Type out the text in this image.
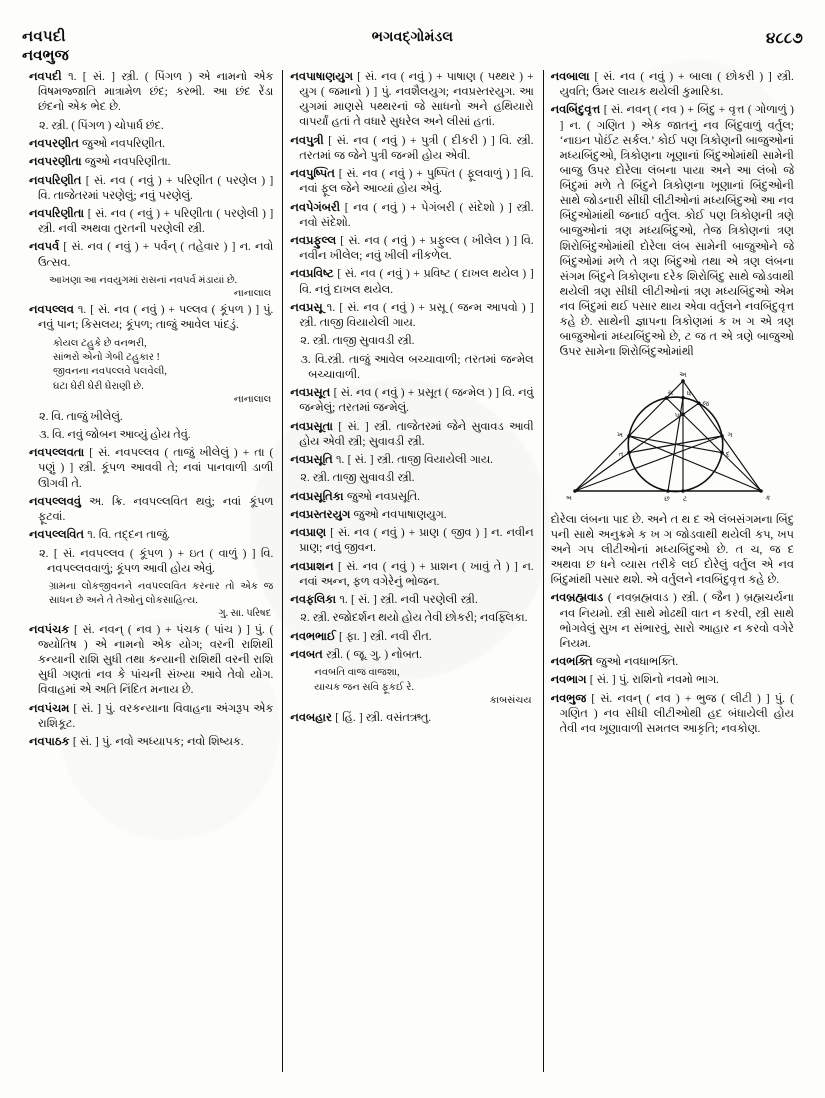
નવપદી
નવભુજ
ભગવદ્ગોમંડલ	૪૮૮૭

નવપદી ૧. [ સં. ] સ્ત્રી. ( પિંગળ ) એ નામનો એક વિષમજ્જાતિ માત્રામેળ છંદ; કરભી. આ છંદ રેંડા છંદનો એક ભેદ છે.

૨. સ્ત્રી. ( પિંગળ ) ચોપાર્ધ છંદ.

નવપરણીત જુઓ નવપરિણીત.

નવપરણીતા જુઓ નવપરિણીતા.

નવપરિણીત [ સં. નવ ( નવું ) + પરિણીત ( પરણેલ ) ] વિ. તાજેતરમાં પરણેલું; નવું પરણેલું.

નવપરિણીતા [ સં. નવ ( નવું ) + પરિણીતા ( પરણેલી ) ] સ્ત્રી. નવી અથવા તુરતની પરણેલી સ્ત્રી.

નવપર્વ [ સં. નવ ( નવું ) + પર્વન્ ( તહેવાર ) ] ન. નવો ઉત્સવ.

આખણા આ નવયુગમાં રાસનાં નવપર્વ મંડાયાં છે.
નાનાલાલ

નવપલ્લવ ૧. [ સં. નવ ( નવું ) + પલ્લવ ( કૂંપળ ) ] પું. નવું પાન; કિસલય; કૂંપળ; તાજું આવેલ પાંદડું.

કોયલ ટહુકે છે વનભરી,
સાંભરો એનો ગેબી ટહુકાર !
જીવનના નવપલ્લવે પલવેલી,
ઘટા ઘેરી ઘેરી ઘેરાણી છે.
નાનાલાલ

૨. વિ. તાજું ખીલેલું.

૩. વિ. નવું જોબન આવ્યું હોય તેવું.

નવપલ્લવતા [ સં. નવપલ્લવ ( તાજું ખીલેલું ) + તા ( પણું ) ] સ્ત્રી. કૂંપળ આવવી તે; નવાં પાનવાળી ડાળી ઊગવી તે.

નવપલ્લવવું અ. ક્રિ. નવપલ્લવિત થવું; નવાં કૂંપળ ફૂટવાં.

નવપલ્લવિત ૧. વિ. તદ્દન તાજું.

૨. [ સં. નવપલ્લવ ( કૂંપળ ) + ઇત ( વાળું ) ] વિ. નવપલ્લવવાળું; કૂંપળ આવી હોય એવું.

ગ્રામના લોકજીવનને નવપલ્લવિત કરનાર તો એક જ સાધન છે અને તે તેઓનું લોકસાહિત્ય.
ગુ. સા. પરિષદ

નવપંચક [ સં. નવન્ ( નવ ) + પંચક ( પાંચ ) ] પું. ( જ્યોતિષ ) એ નામનો એક યોગ; વરની રાશિથી કન્યાની રાશિ સુધી તથા કન્યાની રાશિથી વરની રાશિ સુધી ગણતાં નવ કે પાંચની સંખ્યા આવે તેવો યોગ. વિવાહમાં એ અતિ નિંદિત મનાય છે.

નવપંચમ [ સં. ] પું. વરકન્યાના વિવાહના અંગરૂપ એક રાશિકૂટ.

નવપાઠક [ સં. ] પું. નવો અધ્યાપક; નવો શિષ્યક.

નવપાષાણયુગ [ સં. નવ ( નવું ) + પાષાણ ( પથ્થર ) + યુગ ( જમાનો ) ] પું. નવશૈલયુગ; નવપ્રસ્તરયુગ. આ યુગમાં માણસે પથ્થરનાં જે સાધનો અને હથિયારો વાપર્યાં હતાં તે વધારે સુધરેલ અને લીસાં હતાં.

નવપુત્રી [ સં. નવ ( નવું ) + પુત્રી ( દીકરી ) ] વિ. સ્ત્રી. તરતમાં જ જેને પુત્રી જન્મી હોય એવી.

નવપુષ્પિત [ સં. નવ ( નવું ) + પુષ્પિત ( ફૂલવાળું ) ] વિ. નવાં ફૂલ જેને આવ્યાં હોય એવું.

નવપેગંબરી [ નવ ( નવું ) + પેગંબરી ( સંદેશો ) ] સ્ત્રી. નવો સંદેશો.

નવપ્રફુલ્લ [ સં. નવ ( નવું ) + પ્રફુલ્લ ( ખીલેલ ) ] વિ. નવીન ખીલેલ; નવું ખીલી નીકળેલ.

નવપ્રવિષ્ટ [ સં. નવ ( નવું ) + પ્રવિષ્ટ ( દાખલ થયેલ ) ] વિ. નવું દાખલ થયેલ.

નવપ્રસૂ ૧. [ સં. નવ ( નવું ) + પ્રસૂ ( જન્મ આપવો ) ] સ્ત્રી. તાજી વિયાયેલી ગાય.

૨. સ્ત્રી. તાજી સુવાવડી સ્ત્રી.

૩. વિ.સ્ત્રી. તાજું આવેલ બચ્ચાવાળી; તરતમાં જન્મેલ બચ્ચાવાળી.

નવપ્રસૂત [ સં. નવ ( નવું ) + પ્રસૂત ( જન્મેલ ) ] વિ. નવું જન્મેલું; તરતમાં જન્મેલું.

નવપ્રસૂતા [ સં. ] સ્ત્રી. તાજેતરમાં જેને સુવાવડ આવી હોય એવી સ્ત્રી; સુવાવડી સ્ત્રી.

નવપ્રસૂતિ ૧. [ સં. ] સ્ત્રી. તાજી વિયાયેલી ગાય.

૨. સ્ત્રી. તાજી સુવાવડી સ્ત્રી.

નવપ્રસૂતિકા જુઓ નવપ્રસૂતિ.

નવપ્રસ્તરયુગ જુઓ નવપાષાણયુગ.

નવપ્રાણ [ સં. નવ ( નવું ) + પ્રાણ ( જીવ ) ] ન. નવીન પ્રાણ; નવું જીવન.

નવપ્રાશન [ સં. નવ ( નવું ) + પ્રાશન ( ખાવું તે ) ] ન. નવાં અન્ન, ફળ વગેરેનું ભોજન.

નવફલિકા ૧. [ સં. ] સ્ત્રી. નવી પરણેલી સ્ત્રી.

૨. સ્ત્રી. રજોદર્શન થયો હોય તેવી છોકરી; નવફ્લિકા.

નવભભાઈ [ ફા. ] સ્ત્રી. નવી રીત.

નવબત સ્ત્રી. ( જૂ. ગુ. ) નોબત.

નવબતિ વાજ વાજશા,
યાચક જન સવિ ફૂકઈ રે.
કાબસંચય

નવબહાર [ હિં. ] સ્ત્રી. વસંતઋતુ.

નવબાલા [ સં. નવ ( નવું ) + બાલા ( છોકરી ) ] સ્ત્રી. યુવતિ; ઉંમર લાયક થયેલી કુમારિકા.

નવબિંદુવૃત્ત [ સં. નવન્ ( નવ ) + બિંદુ + વૃત્ત ( ગોળાળું ) ] ન. ( ગણિત ) એક જાતનું નવ બિંદુવાળું વર્તુલ; ‘નાઇન પોઈંટ સર્કલ.’ કોઈ પણ ત્રિકોણની બાજુઓનાં મધ્યબિંદુઓ, ત્રિકોણના ખૂણાનાં બિંદુઓમાંથી સામેની બાજુ ઉપર દોરેલા લંબના પાયા અને આ લંબો જે બિંદુમાં મળે તે બિંદુને ત્રિકોણના ખૂણાનાં બિંદુઓની સાથે જોડનારી સીધી લીટીઓનાં મધ્યબિંદુઓ આ નવ બિંદુઓમાંથી જનાઈ વર્તુલ. કોઈ પણ ત્રિકોણની ત્રણે બાજુઓનાં ત્રણ મધ્યબિંદુઓ, તેજ ત્રિકોણનાં ત્રણ શિરોબિંદુઓમાંથી દોરેલા લંબ સામેની બાજુઓને જે બિંદુઓમાં મળે તે ત્રણ બિંદુઓ તથા એ ત્રણ લંબના સંગમ બિંદુને ત્રિકોણના દરેક શિરોબિંદુ સાથે જોડવાથી થયેલી ત્રણ સીધી લીટીઓનાં ત્રણ મધ્યબિંદુઓ એમ નવ બિંદુમાં થઈ પસાર થાય એવા વર્તુલને નવબિંદુવૃત્ત કહે છે. સાથેની જ્ઞાપના ત્રિકોણમાં ક ખ ગ એ ત્રણ બાજુઓનાં મધ્યબિંદુઓ છે, ટ જ ત એ ત્રણે બાજુઓ ઉપર સામેના શિરોબિંદુઓમાંથી

અ
બ	ક
ખ	ગ
છ ટ
જ
ચ
પ
ધ
ત	દ

દોરેલા લંબના પાદ છે. અને ત થ દ એ લંબસંગમના બિંદુ પની સાથે અનુક્રમે ક ખ ગ જોડવાથી થયેલી કપ, ખપ અને ગપ લીટીઓનાં મધ્યબિંદુઓ છે. ત ચ, જ દ અથવા છ ધને વ્યાસ તરીકે લઈ દોરેલું વર્તુલ એ નવ બિંદુમાંથી પસાર થશે. એ વર્તુલને નવબિંદુવૃત્ત કહે છે.

નવબ્રહ્મવાડ ( નવબ્રહ્મવાડ ) સ્ત્રી. ( જૈન ) બ્રહ્મચર્યના નવ નિયમો. સ્ત્રી સાથે મોઢથી વાત ન કરવી, સ્ત્રી સાથે ભોગવેલું સુખ ન સંભારવું, સારો આહાર ન કરવો વગેરે નિયમ.

નવભક્તિ જુઓ નવધાભક્તિ.

નવભાગ [ સં. ] પું. રાશિનો નવમો ભાગ.

નવભુજ [ સં. નવન્ ( નવ ) + ભુજ ( લીટી ) ] પું. ( ગણિત ) નવ સીધી લીટીઓથી હદ બંધાયેલી હોય તેવી નવ ખૂણાવાળી સમતલ આકૃતિ; નવકોણ.
